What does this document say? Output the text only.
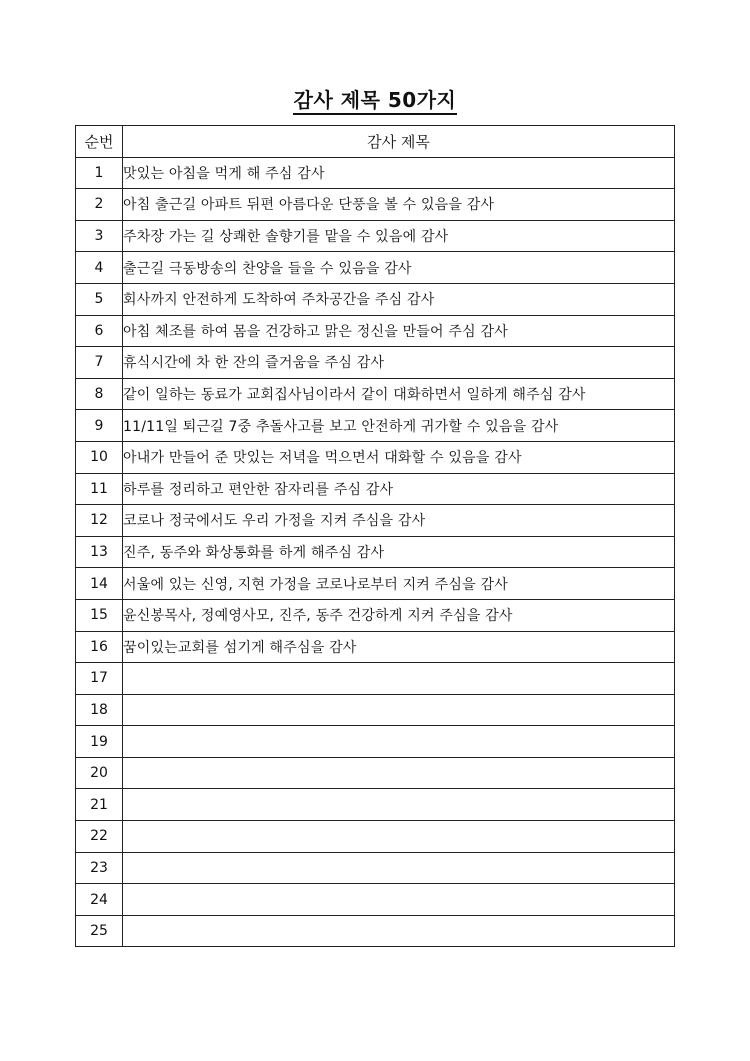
감사 제목 50가지
순번	감사 제목
1	맛있는 아침을 먹게 해 주심 감사
2	아침 출근길 아파트 뒤편 아름다운 단풍을 볼 수 있음을 감사
3	주차장 가는 길 상쾌한 솔향기를 맡을 수 있음에 감사
4	출근길 극동방송의 찬양을 들을 수 있음을 감사
5	회사까지 안전하게 도착하여 주차공간을 주심 감사
6	아침 체조를 하여 몸을 건강하고 맑은 정신을 만들어 주심 감사
7	휴식시간에 차 한 잔의 즐거움을 주심 감사
8	같이 일하는 동료가 교회집사님이라서 같이 대화하면서 일하게 해주심 감사
9	11/11일 퇴근길 7중 추돌사고를 보고 안전하게 귀가할 수 있음을 감사
10	아내가 만들어 준 맛있는 저녁을 먹으면서 대화할 수 있음을 감사
11	하루를 정리하고 편안한 잠자리를 주심 감사
12	코로나 정국에서도 우리 가정을 지켜 주심을 감사
13	진주, 동주와 화상통화를 하게 해주심 감사
14	서울에 있는 신영, 지현 가정을 코로나로부터 지켜 주심을 감사
15	윤신봉목사, 정예영사모, 진주, 동주 건강하게 지켜 주심을 감사
16	꿈이있는교회를 섬기게 해주심을 감사
17	
18	
19	
20	
21	
22	
23	
24	
25	
